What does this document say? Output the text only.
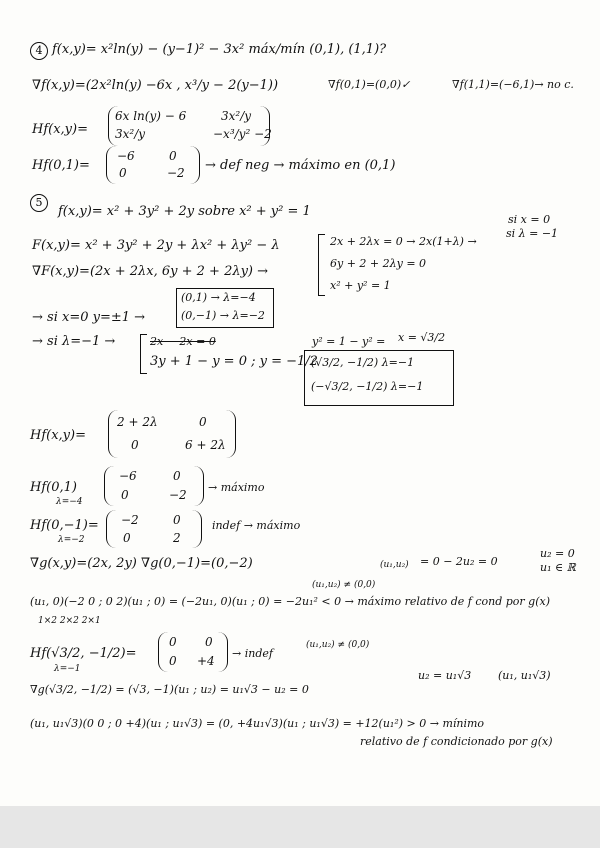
4 f(x,y)= x²ln(y) − (y−1)² − 3x² máx/mín (0,1), (1,1)?
∇f(x,y)=(2x²ln(y) −6x , x³/y − 2(y−1))	∇f(0,1)=(0,0)✓	∇f(1,1)=(−6,1)→ no c.
Hf(x,y)=
6x ln(y) − 6	3x²/y
3x²/y	−x³/y² −2
Hf(0,1)=
−6	0
0	−2 → def neg → máximo en (0,1)
5
f(x,y)= x² + 3y² + 2y sobre x² + y² = 1
si x = 0
si λ = −1
F(x,y)= x² + 3y² + 2y + λx² + λy² − λ
∇F(x,y)=(2x + 2λx, 6y + 2 + 2λy) →
2x + 2λx = 0 → 2x(1+λ) →
6y + 2 + 2λy = 0
x² + y² = 1
→ si x=0 y=±1 →
(0,1) → λ=−4
(0,−1) → λ=−2
→ si λ=−1 →	2x − 2x = 0
3y + 1 − y = 0 ; y = −1/2
y² = 1 − y² = x = √3/2
(√3/2, −1/2) λ=−1
(−√3/2, −1/2) λ=−1
Hf(x,y)=
2 + 2λ	0
0	6 + 2λ
Hf(0,1)
λ=−4
−6	0
0	−2
→ máximo
Hf(0,−1)=
λ=−2
−2	0
0	2
indef → máximo
∇g(x,y)=(2x, 2y) ∇g(0,−1)=(0,−2)	(u₁,u₂) = 0 − 2u₂ = 0
u₂ = 0
u₁ ∈ ℝ
(u₁,u₂) ≠ (0,0)
(u₁, 0)(−2 0 ; 0 2)(u₁ ; 0) = (−2u₁, 0)(u₁ ; 0) = −2u₁² < 0 → máximo relativo de f cond por g(x)
1×2 2×2 2×1
Hf(√3/2, −1/2)=
λ=−1
0 0
0 +4
→ indef
(u₁,u₂) ≠ (0,0)
∇g(√3/2, −1/2) = (√3, −1)(u₁ ; u₂) = u₁√3 − u₂ = 0
u₂ = u₁√3 (u₁, u₁√3)
(u₁, u₁√3)(0 0 ; 0 +4)(u₁ ; u₁√3) = (0, +4u₁√3)(u₁ ; u₁√3) = +12(u₁²) > 0 → mínimo
relativo de f condicionado por g(x)
